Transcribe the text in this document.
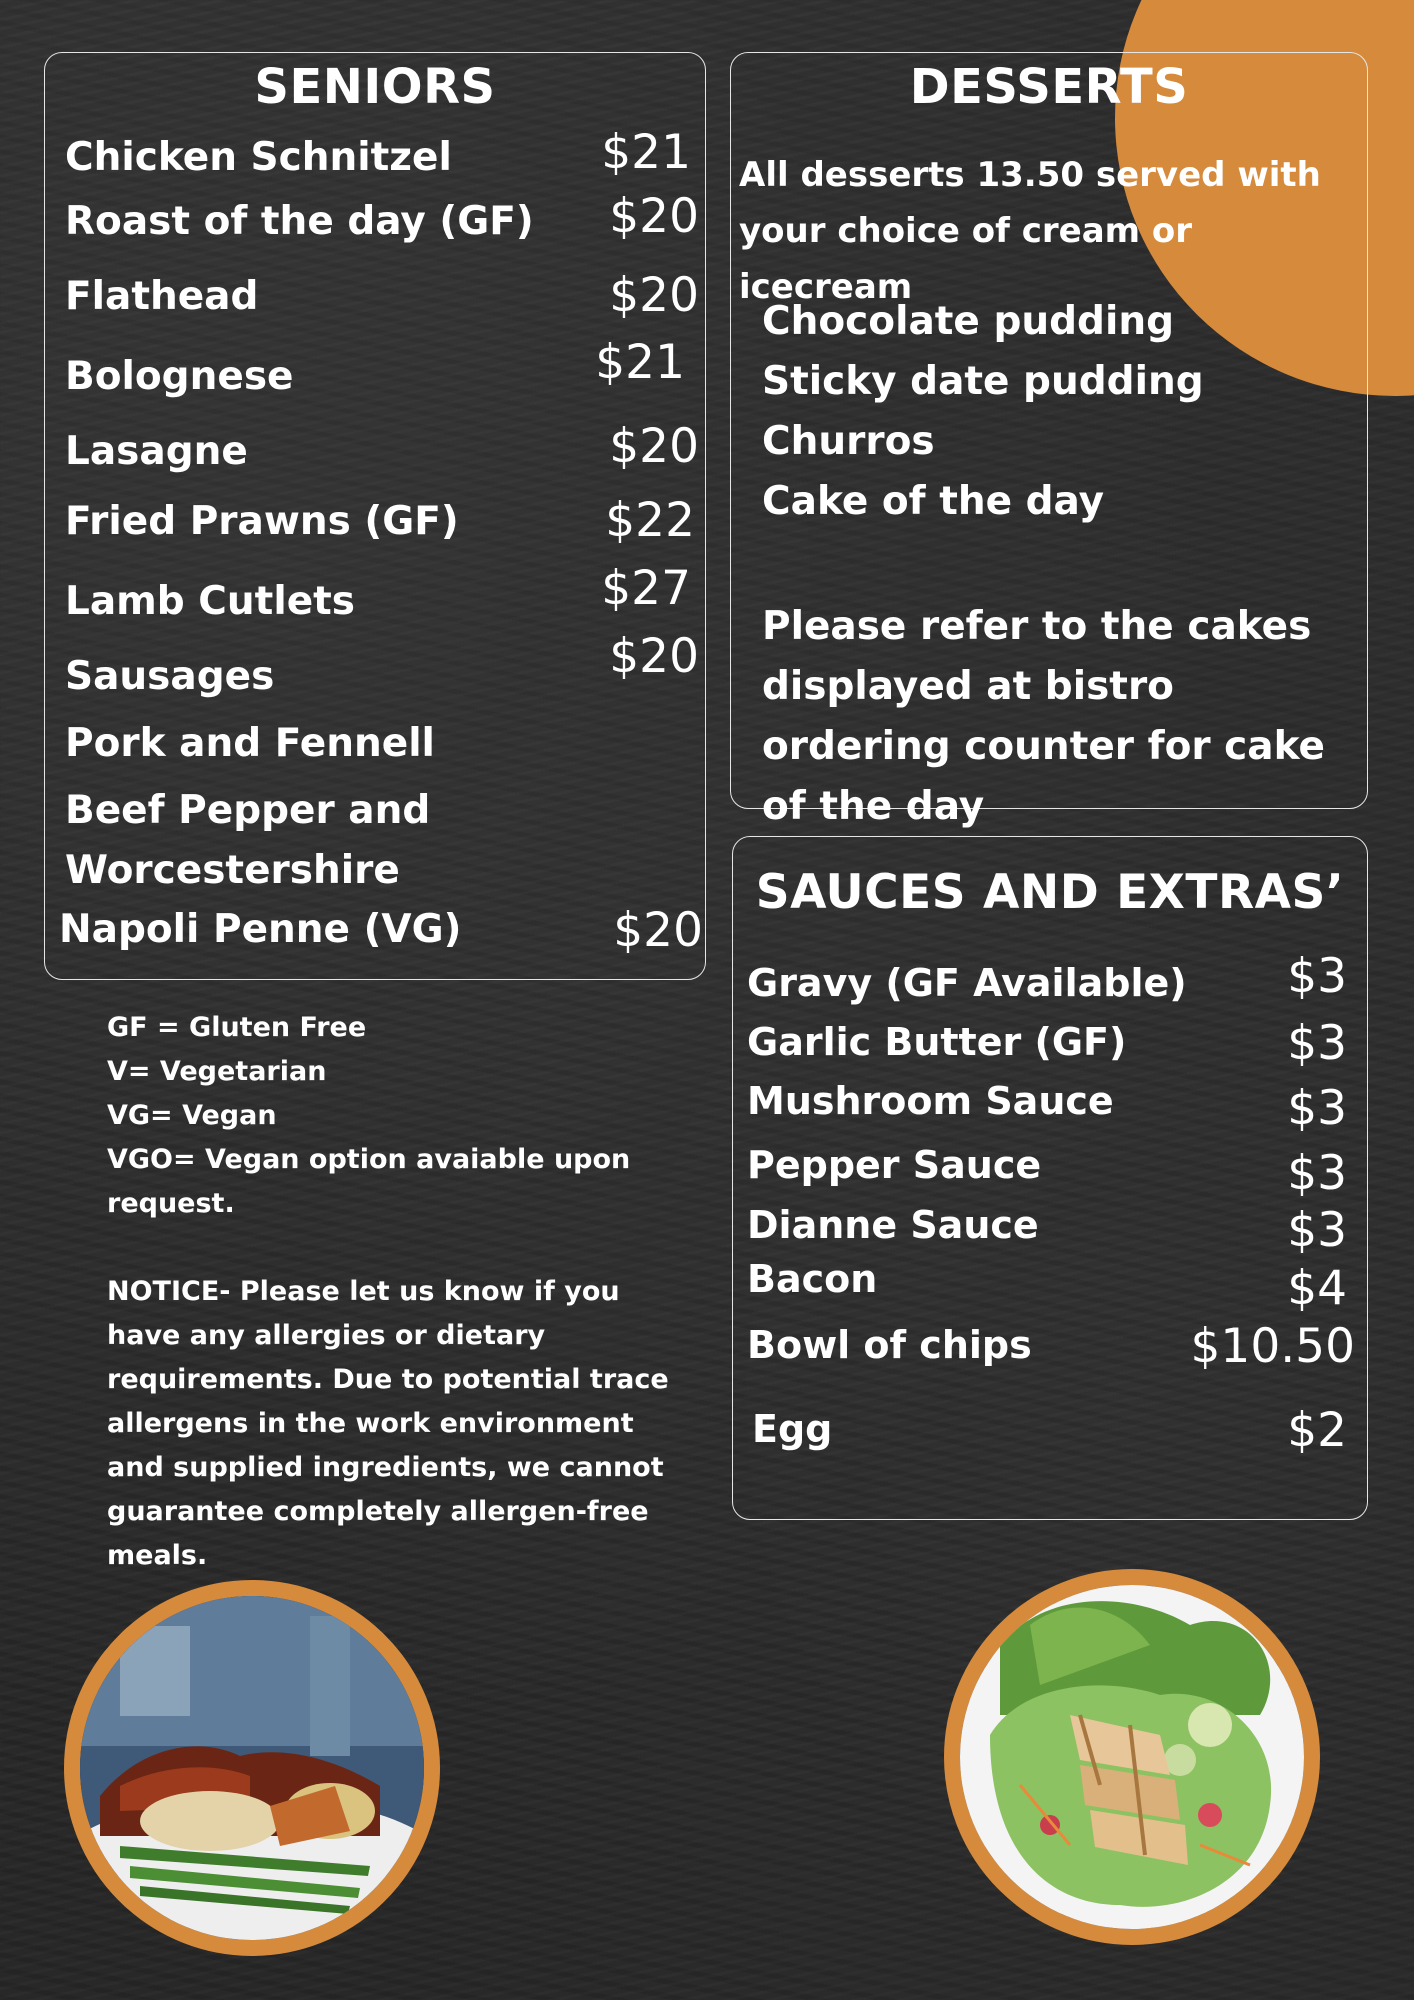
SENIORS
Chicken Schnitzel	$21
Roast of the day (GF) $20
Flathead	$20
Bolognese	$21
Lasagne	$20
Fried Prawns (GF)	$22
Lamb Cutlets	$27
Sausages	$20
Pork and Fennell
Beef Pepper and
Worcestershire
Napoli Penne (VG)	$20

GF = Gluten Free

V= Vegetarian

VG= Vegan

VGO= Vegan option avaiable upon request.

NOTICE- Please let us know if you have any allergies or dietary requirements. Due to potential trace allergens in the work environment and supplied ingredients, we cannot guarantee completely allergen-free meals.

DESSERTS
All desserts 13.50 served with your choice of cream or icecream
Chocolate pudding
Sticky date pudding
Churros
Cake of the day
Please refer to the cakes displayed at bistro ordering counter for cake of the day
SAUCES AND EXTRAS’
Gravy (GF Available) $3
Garlic Butter (GF)	$3
Mushroom Sauce	$3
Pepper Sauce	$3
Dianne Sauce	$3
Bacon	$4
Bowl of chips	$10.50
Egg	$2
